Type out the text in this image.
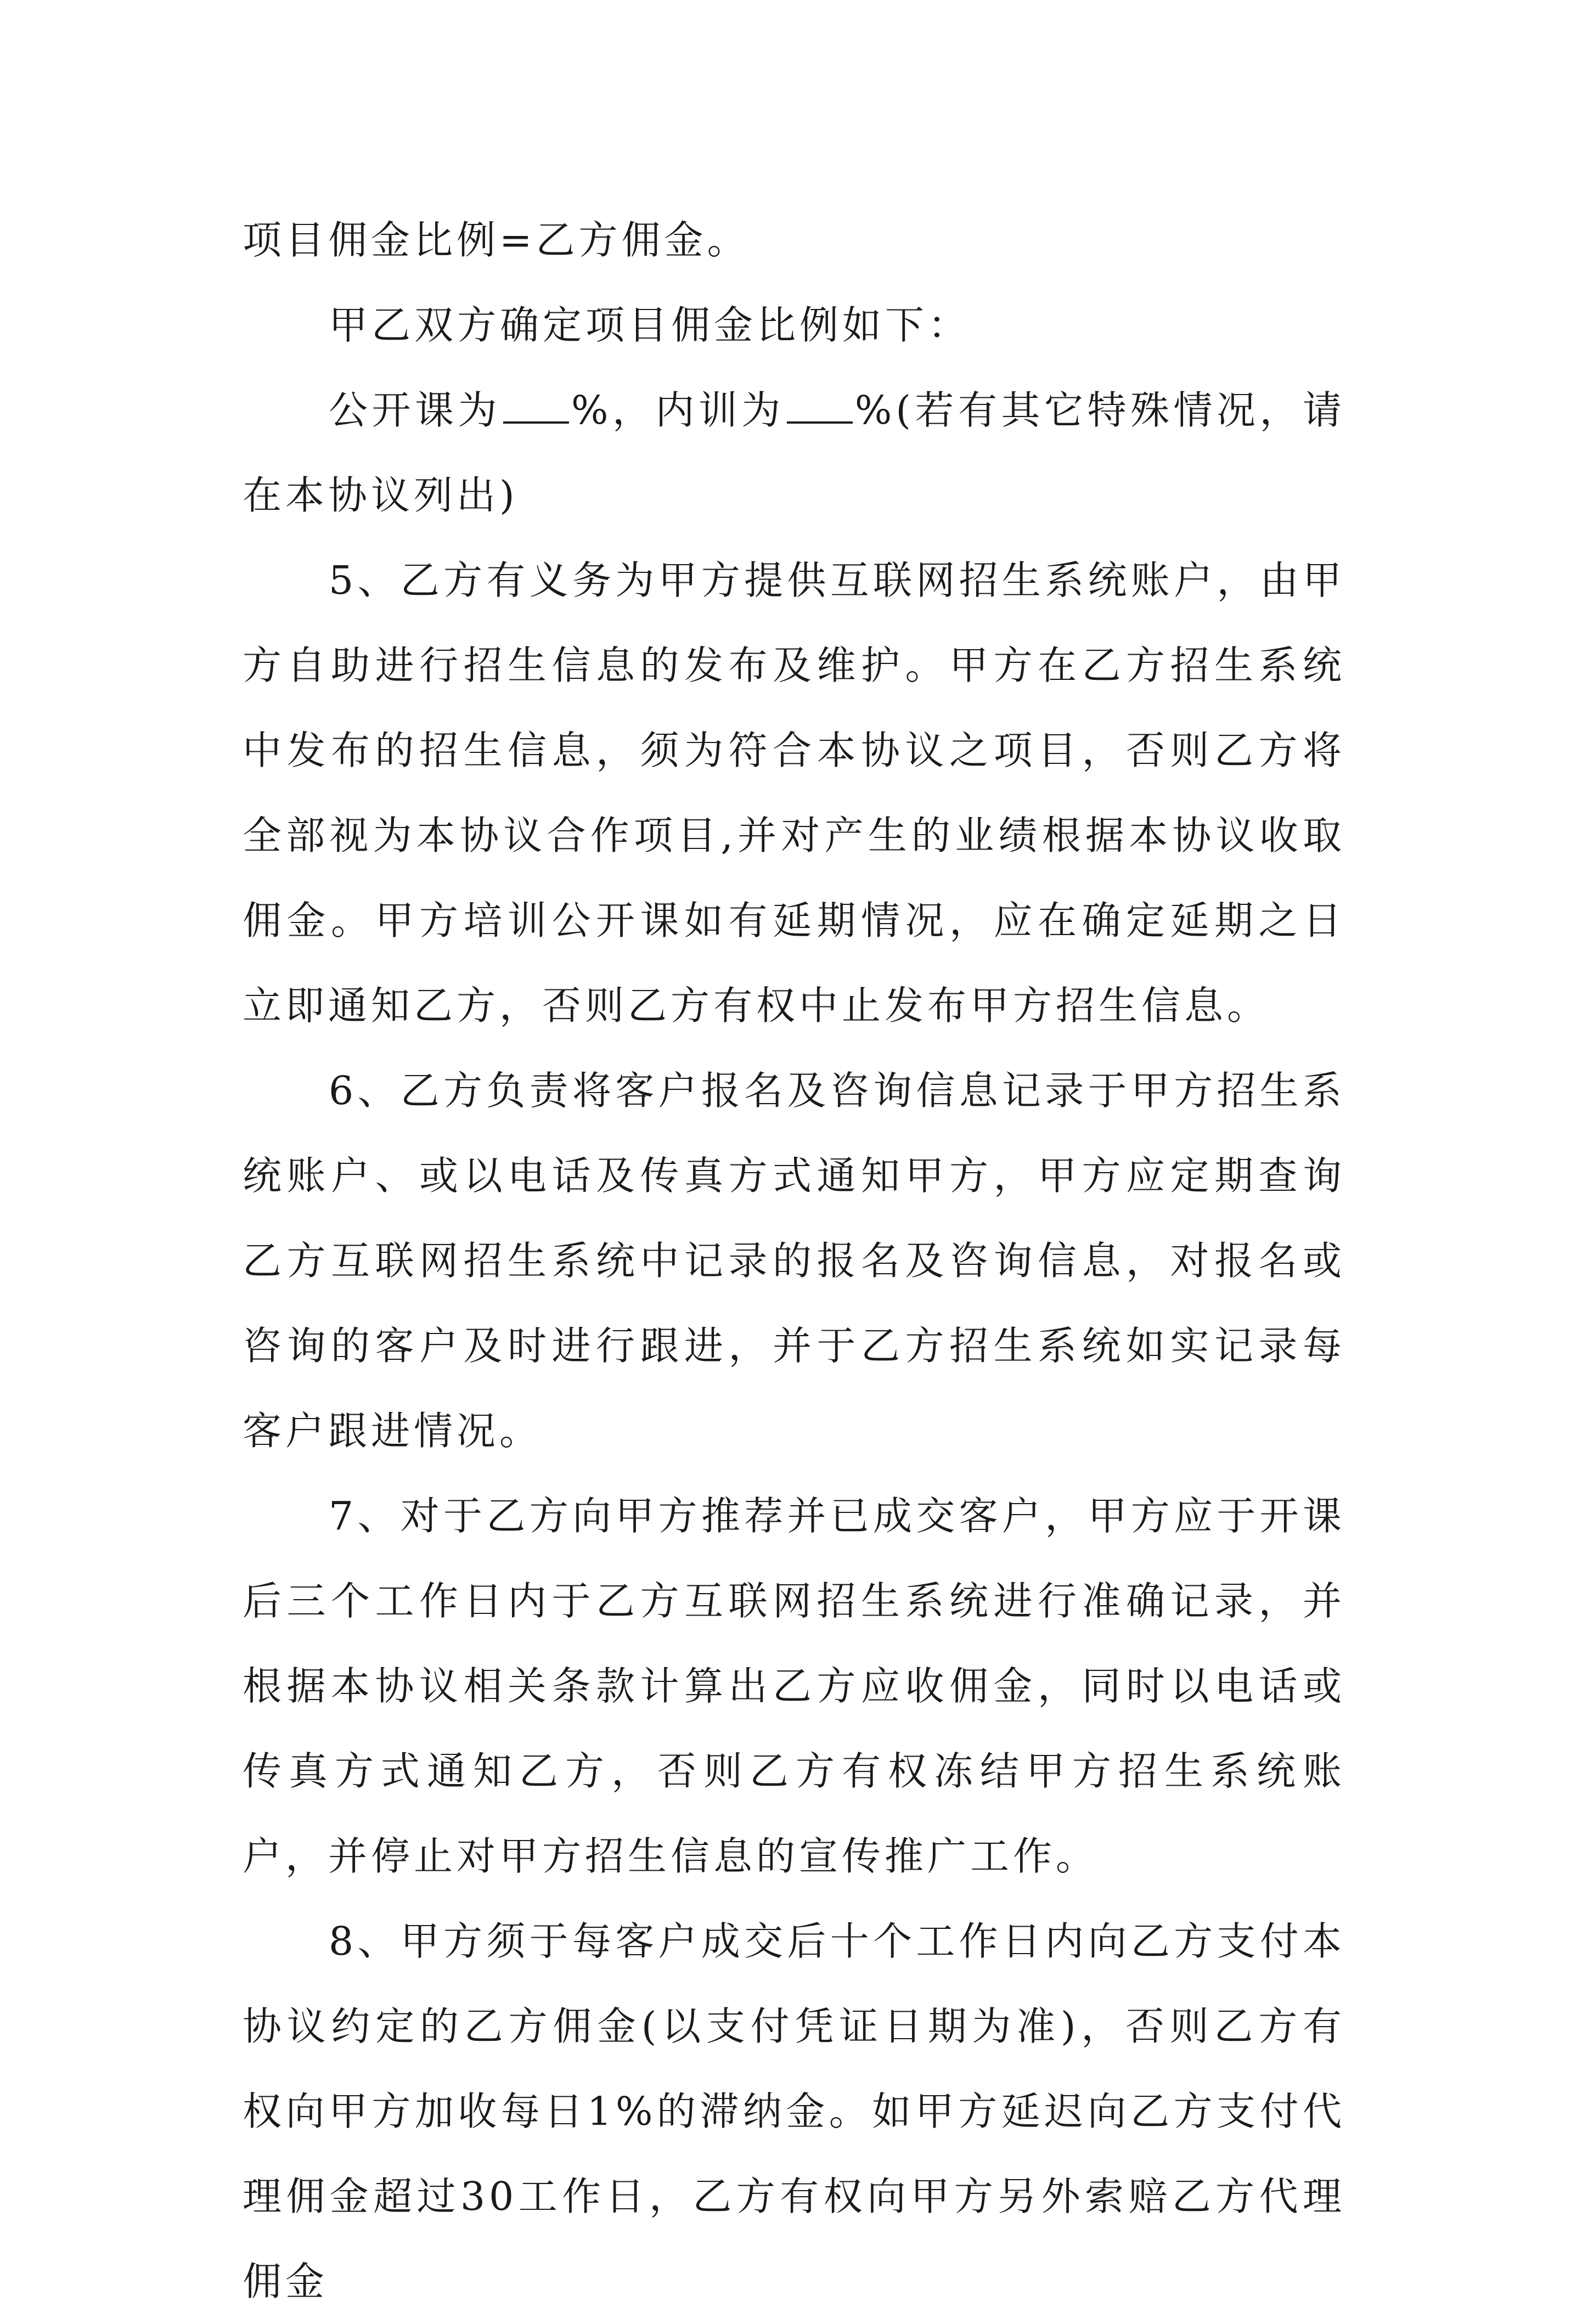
项目佣金比例=乙方佣金。

甲乙双方确定项目佣金比例如下：

公开课为 %，内训为 %(若有其它特殊情况，请在本协议列出)

5、乙方有义务为甲方提供互联网招生系统账户，由甲方自助进行招生信息的发布及维护。甲方在乙方招生系统中发布的招生信息，须为符合本协议之项目，否则乙方将全部视为本协议合作项目,并对产生的业绩根据本协议收取佣金。甲方培训公开课如有延期情况，应在确定延期之日立即通知乙方，否则乙方有权中止发布甲方招生信息。

6、乙方负责将客户报名及咨询信息记录于甲方招生系统账户、或以电话及传真方式通知甲方，甲方应定期查询乙方互联网招生系统中记录的报名及咨询信息，对报名或咨询的客户及时进行跟进，并于乙方招生系统如实记录每客户跟进情况。

7、对于乙方向甲方推荐并已成交客户，甲方应于开课后三个工作日内于乙方互联网招生系统进行准确记录，并根据本协议相关条款计算出乙方应收佣金，同时以电话或传真方式通知乙方，否则乙方有权冻结甲方招生系统账户，并停止对甲方招生信息的宣传推广工作。

8、甲方须于每客户成交后十个工作日内向乙方支付本协议约定的乙方佣金(以支付凭证日期为准)，否则乙方有权向甲方加收每日1%的滞纳金。如甲方延迟向乙方支付代理佣金超过30工作日，乙方有权向甲方另外索赔乙方代理佣金
